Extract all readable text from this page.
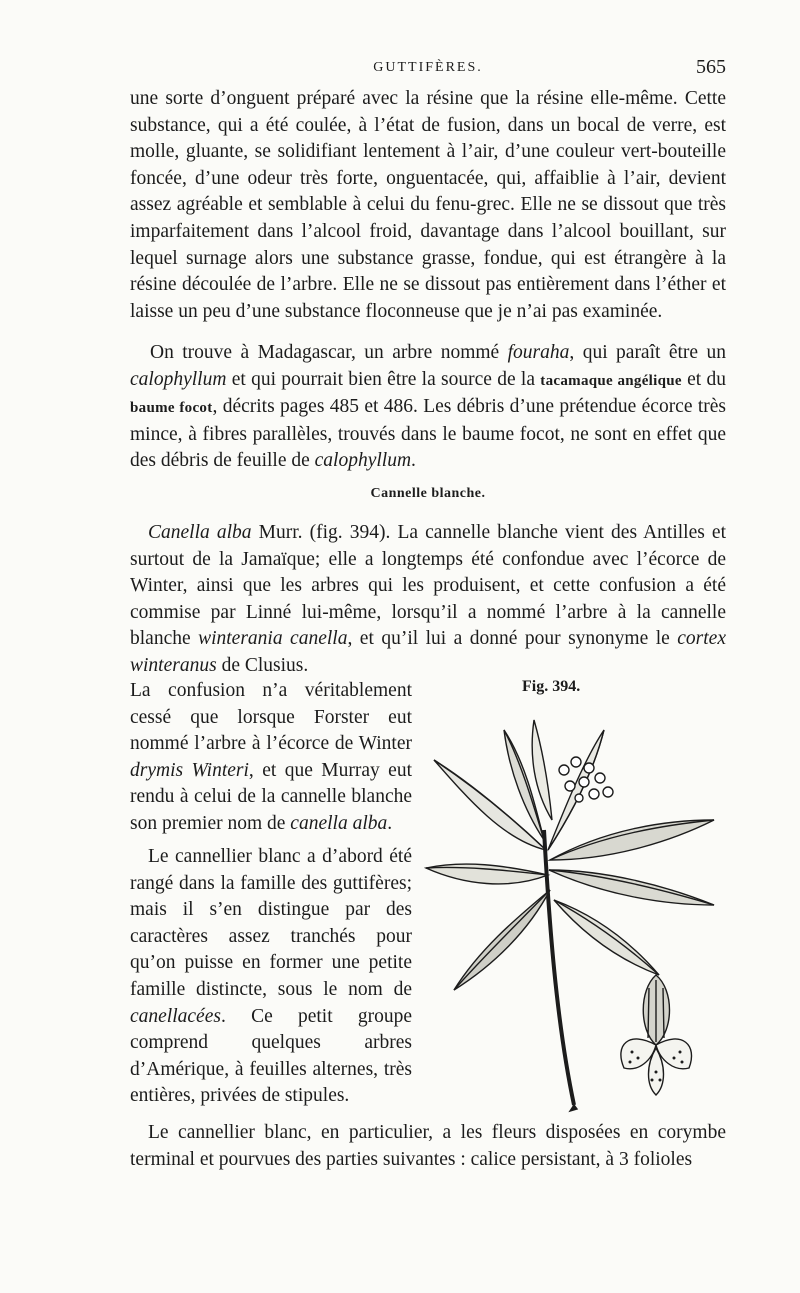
GUTTIFÈRES.	565

une sorte d’onguent préparé avec la résine que la résine elle-même. Cette substance, qui a été coulée, à l’état de fusion, dans un bocal de verre, est molle, gluante, se solidifiant lentement à l’air, d’une couleur vert-bouteille foncée, d’une odeur très forte, onguentacée, qui, affaiblie à l’air, devient assez agréable et semblable à celui du fenu-grec. Elle ne se dissout que très imparfaitement dans l’alcool froid, davantage dans l’alcool bouillant, sur lequel surnage alors une substance grasse, fondue, qui est étrangère à la résine découlée de l’arbre. Elle ne se dissout pas entièrement dans l’éther et laisse un peu d’une substance floconneuse que je n’ai pas examinée.

On trouve à Madagascar, un arbre nommé fouraha, qui paraît être un calophyllum et qui pourrait bien être la source de la tacamaque angélique et du baume focot, décrits pages 485 et 486. Les débris d’une prétendue écorce très mince, à fibres parallèles, trouvés dans le baume focot, ne sont en effet que des débris de feuille de calophyllum.

Cannelle blanche.

Canella alba Murr. (fig. 394). La cannelle blanche vient des Antilles et surtout de la Jamaïque; elle a longtemps été confondue avec l’écorce de Winter, ainsi que les arbres qui les produisent, et cette confusion a été commise par Linné lui-même, lorsqu’il a nommé l’arbre à la cannelle blanche winterania canella, et qu’il lui a donné pour synonyme le cortex winteranus de Clusius.

La confusion n’a véritablement cessé que lorsque Forster eut nommé l’arbre à l’écorce de Winter drymis Winteri, et que Murray eut rendu à celui de la cannelle blanche son premier nom de canella alba.

Le cannellier blanc a d’abord été rangé dans la famille des guttifères; mais il s’en distingue par des caractères assez tranchés pour qu’on puisse en former une petite famille distincte, sous le nom de canellacées. Ce petit groupe comprend quelques arbres d’Amérique, à feuilles alternes, très entières, privées de stipules.

Le cannellier blanc, en particulier, a les fleurs disposées en corymbe terminal et pourvues des parties suivantes : calice persistant, à 3 folioles

Fig. 394.
